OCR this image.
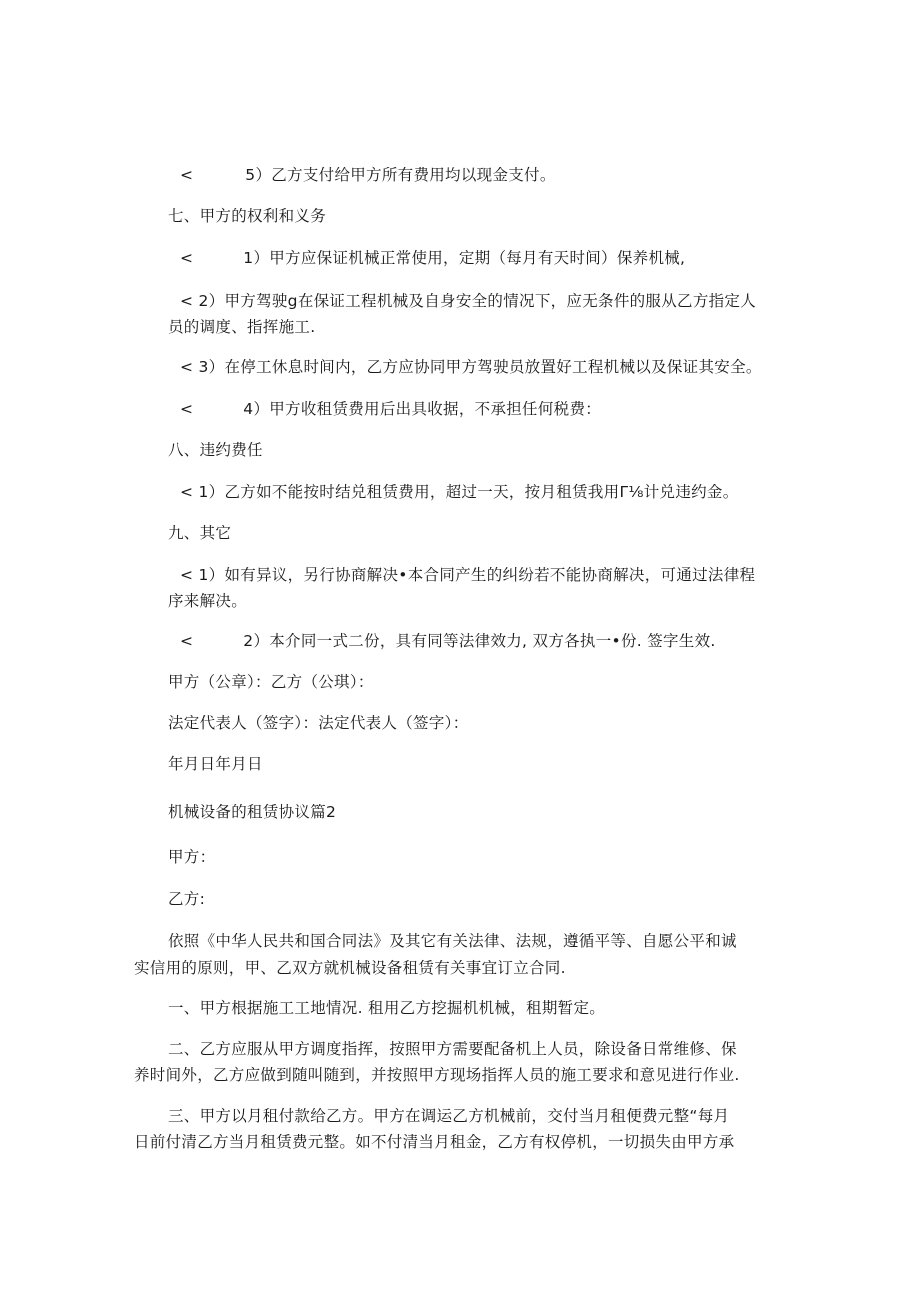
<	5）乙方支付给甲方所有费用均以现金支付。
七、甲方的权利和义务
<	1）甲方应保证机械正常使用，定期（每月有天时间）保养机械,
< 2）甲方驾驶g在保证工程机械及自身安全的情况下，应无条件的服从乙方指定人
员的调度、指挥施工.
< 3）在停工休息时间内，乙方应协同甲方驾驶员放置好工程机械以及保证其安全。
<	4）甲方收租赁费用后出具收据，不承担任何税费：
八、违约费任
< 1）乙方如不能按时结兑租赁费用，超过一天，按月租赁我用Γ⅛计兑违约金。
九、其它
< 1）如有异议，另行协商解决•本合同产生的纠纷若不能协商解决，可通过法律程
序来解决。
<	2）本介同一式二份，具有同等法律效力, 双方各执一•份. 签字生效.
甲方（公章）：乙方（公琪）：
法定代表人（签字）：法定代表人（签字）：
年月日年月日
机械设备的租赁协议篇2
甲方：
乙方:
依照《中华人民共和国合同法》及其它有关法律、法规，遵循平等、自愿公平和诚
实信用的原则，甲、乙双方就机械设备租赁有关事宜订立合同.
一、甲方根据施工工地情况. 租用乙方挖掘机机械，租期暂定。
二、乙方应服从甲方调度指挥，按照甲方需要配备机上人员，除设备日常维修、保
养时间外，乙方应做到随叫随到，并按照甲方现场指挥人员的施工要求和意见进行作业.
三、甲方以月租付款给乙方。甲方在调运乙方机械前，交付当月租便费元整“每月
日前付清乙方当月租赁费元整。如不付清当月租金，乙方有权停机，一切损失由甲方承
